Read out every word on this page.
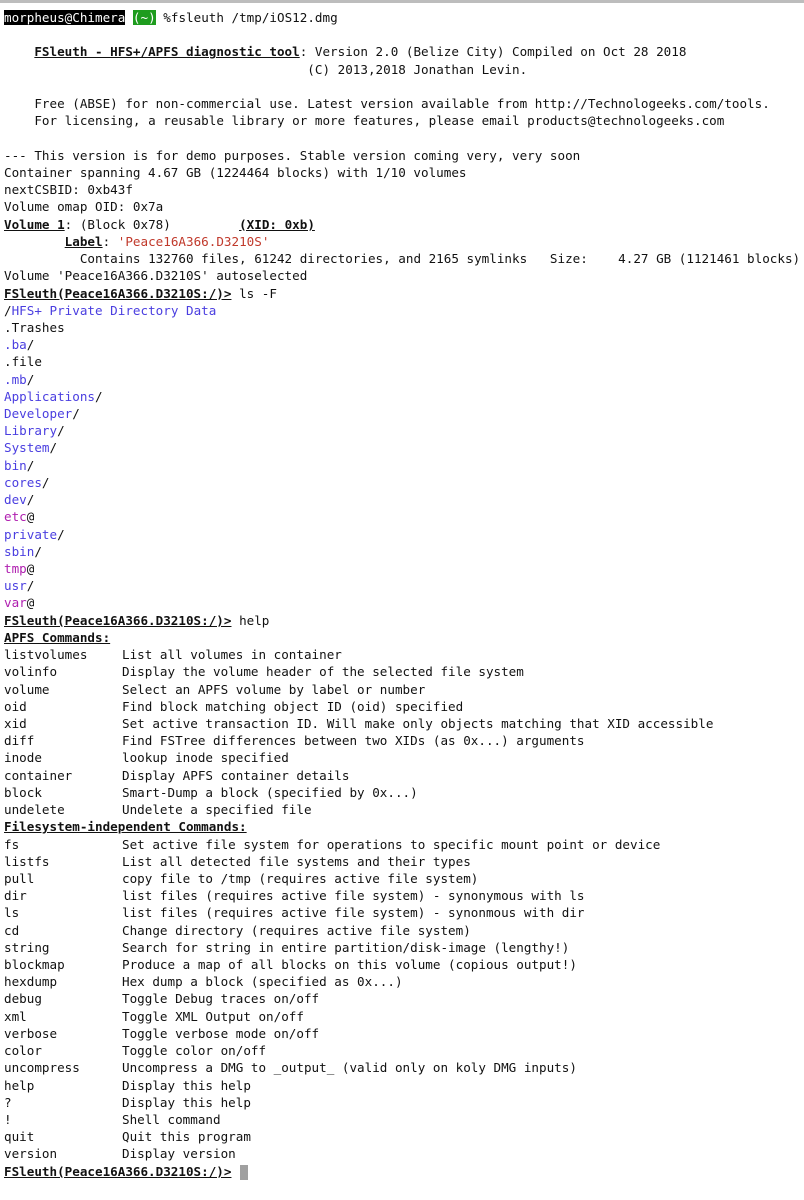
morpheus@Chimera (~) %fsleuth /tmp/iOS12.dmg

FSleuth - HFS+/APFS diagnostic tool: Version 2.0 (Belize City) Compiled on Oct 28 2018
(C) 2013,2018 Jonathan Levin.

Free (ABSE) for non-commercial use. Latest version available from http://Technologeeks.com/tools.
For licensing, a reusable library or more features, please email products@technologeeks.com

--- This version is for demo purposes. Stable version coming very, very soon
Container spanning 4.67 GB (1224464 blocks) with 1/10 volumes
nextCSBID: 0xb43f
Volume omap OID: 0x7a
Volume 1: (Block 0x78)	(XID: 0xb)
Label: 'Peace16A366.D3210S'
Contains 132760 files, 61242 directories, and 2165 symlinks   Size:    4.27 GB (1121461 blocks)
Volume 'Peace16A366.D3210S' autoselected
FSleuth(Peace16A366.D3210S:/)> ls -F
/HFS+ Private Directory Data
.Trashes
.ba/
.file
.mb/
Applications/
Developer/
Library/
System/
bin/
cores/
dev/
etc@
private/
sbin/
tmp@
usr/
var@
FSleuth(Peace16A366.D3210S:/)> help
APFS Commands:
listvolumes	List all volumes in container
volinfo	Display the volume header of the selected file system
volume	Select an APFS volume by label or number
oid	Find block matching object ID (oid) specified
xid	Set active transaction ID. Will make only objects matching that XID accessible
diff	Find FSTree differences between two XIDs (as 0x...) arguments
inode	lookup inode specified
container	Display APFS container details
block	Smart-Dump a block (specified by 0x...)
undelete	Undelete a specified file
Filesystem-independent Commands:
fs	Set active file system for operations to specific mount point or device
listfs	List all detected file systems and their types
pull	copy file to /tmp (requires active file system)
dir	list files (requires active file system) - synonymous with ls
ls	list files (requires active file system) - synonmous with dir
cd	Change directory (requires active file system)
string	Search for string in entire partition/disk-image (lengthy!)
blockmap	Produce a map of all blocks on this volume (copious output!)
hexdump	Hex dump a block (specified as 0x...)
debug	Toggle Debug traces on/off
xml	Toggle XML Output on/off
verbose	Toggle verbose mode on/off
color	Toggle color on/off
uncompress	Uncompress a DMG to _output_ (valid only on koly DMG inputs)
help	Display this help
?	Display this help
!	Shell command
quit	Quit this program
version	Display version
FSleuth(Peace16A366.D3210S:/)>
